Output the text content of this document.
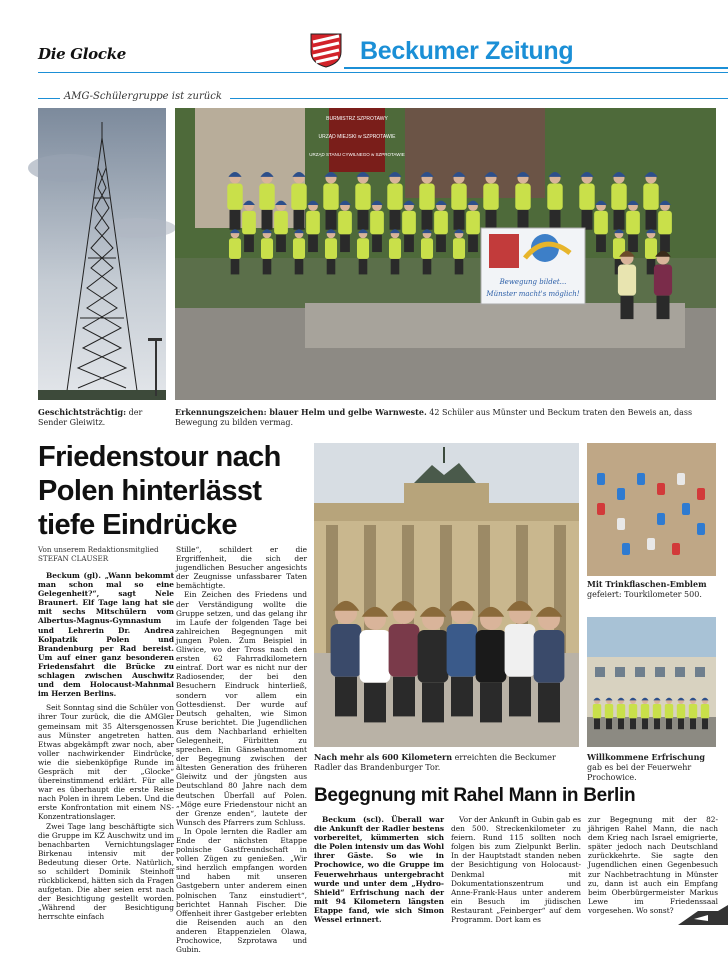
Die Glocke	Beckumer Zeitung
AMG-Schülergruppe ist zurück
Geschichtsträchtig: der Sender Gleiwitz.
BURMISTRZ SZPROTAWY
URZĄD MIEJSKI w SZPROTAWIE
URZĄD STANU CYWILNEGO w SZPROTAWIE
Bewegung bildet...
Münster macht's möglich!
Erkennungszeichen: blauer Helm und gelbe Warnweste. 42 Schüler aus Münster und Beckum traten den Beweis an, dass Bewegung zu bilden vermag.
Friedenstour nach Polen hinterlässt tiefe Eindrücke
Von unserem Redaktionsmitglied
STEFAN CLAUSER

Beckum (gl). „Wann bekommt man schon mal so eine Gelegenheit?“, sagt Nele Braunert. Elf Tage lang hat sie mit sechs Mitschülern vom Albertus-Magnus-Gymnasium und Lehrerin Dr. Andrea Kolpatzik Polen und Brandenburg per Rad bereist. Um auf einer ganz besonderen Friedensfahrt die Brücke zu schlagen zwischen Auschwitz und dem Holocaust-Mahnmal im Herzen Berlins.

Seit Sonntag sind die Schüler von ihrer Tour zurück, die die AMGler gemeinsam mit 35 Altersgenossen aus Münster angetreten hatten. Etwas abgekämpft zwar noch, aber voller nachwirkender Eindrücke, wie die siebenköpfige Runde im Gespräch mit der „Glocke“ übereinstimmend erklärt. Für alle war es überhaupt die erste Reise nach Polen in ihrem Leben. Und die erste Konfrontation mit einem NS-Konzentrationslager.

Zwei Tage lang beschäftigte sich die Gruppe im KZ Auschwitz und im benachbarten Vernichtungslager Birkenau intensiv mit der Bedeutung dieser Orte. Natürlich, so schildert Dominik Steinhoff rückblickend, hätten sich da Fragen aufgetan. Die aber seien erst nach der Besichtigung gestellt worden. „Während der Besichtigung herrschte einfach

Stille“, schildert er die Ergriffenheit, die sich der jugendlichen Besucher angesichts der Zeugnisse unfassbarer Taten bemächtigte.

Ein Zeichen des Friedens und der Verständigung wollte die Gruppe setzen, und das gelang ihr im Laufe der folgenden Tage bei zahlreichen Begegnungen mit jungen Polen. Zum Beispiel in Gliwice, wo der Tross nach den ersten 62 Fahrradkilometern eintraf. Dort war es nicht nur der Radiosender, der bei den Besuchern Eindruck hinterließ, sondern vor allem ein Gottesdienst. Der wurde auf Deutsch gehalten, wie Simon Kruse berichtet. Die Jugendlichen aus dem Nachbarland erhielten Gelegenheit, Fürbitten zu sprechen. Ein Gänsehautmoment der Begegnung zwischen der ältesten Generation des früheren Gleiwitz und der jüngsten aus Deutschland 80 Jahre nach dem deutschen Überfall auf Polen. „Möge eure Friedenstour nicht an der Grenze enden“, lautete der Wunsch des Pfarrers zum Schluss.

In Opole lernten die Radler am Ende der nächsten Etappe polnische Gastfreundschaft in vollen Zügen zu genießen. „Wir sind herzlich empfangen worden und haben mit unseren Gastgebern unter anderem einen polnischen Tanz einstudiert“, berichtet Hannah Fischer. Die Offenheit ihrer Gastgeber erlebten die Reisenden auch an den anderen Etappenzielen Olawa, Prochowice, Szprotawa und Gubin.

Nach mehr als 600 Kilometern erreichten die Beckumer Radler das Brandenburger Tor.
Mit Trinkflaschen-Emblem gefeiert: Tourkilometer 500.
Willkommene Erfrischung gab es bei der Feuerwehr Prochowice.
Begegnung mit Rahel Mann in Berlin

Beckum (scl). Überall war die Ankunft der Radler bestens vorbereitet, kümmerten sich die Polen intensiv um das Wohl ihrer Gäste. So wie in Prochowice, wo die Gruppe im Feuerwehrhaus untergebracht wurde und unter dem „Hydro-Shield“ Erfrischung nach der mit 94 Kilometern längsten Etappe fand, wie sich Simon Wessel erinnert.

Vor der Ankunft in Gubin gab es den 500. Streckenkilometer zu feiern. Rund 115 sollten noch folgen bis zum Zielpunkt Berlin. In der Hauptstadt standen neben der Besichtigung von Holocaust-Denkmal mit Dokumentationszentrum und Anne-Frank-Haus unter anderem ein Besuch im jüdischen Restaurant „Feinberger“ auf dem Programm. Dort kam es

zur Begegnung mit der 82-jährigen Rahel Mann, die nach dem Krieg nach Israel emigrierte, später jedoch nach Deutschland zurückkehrte. Sie sagte den Jugendlichen einen Gegenbesuch zur Nachbetrachtung in Münster zu, dann ist auch ein Empfang beim Oberbürgermeister Markus Lewe im Friedenssaal vorgesehen. Wo sonst?
